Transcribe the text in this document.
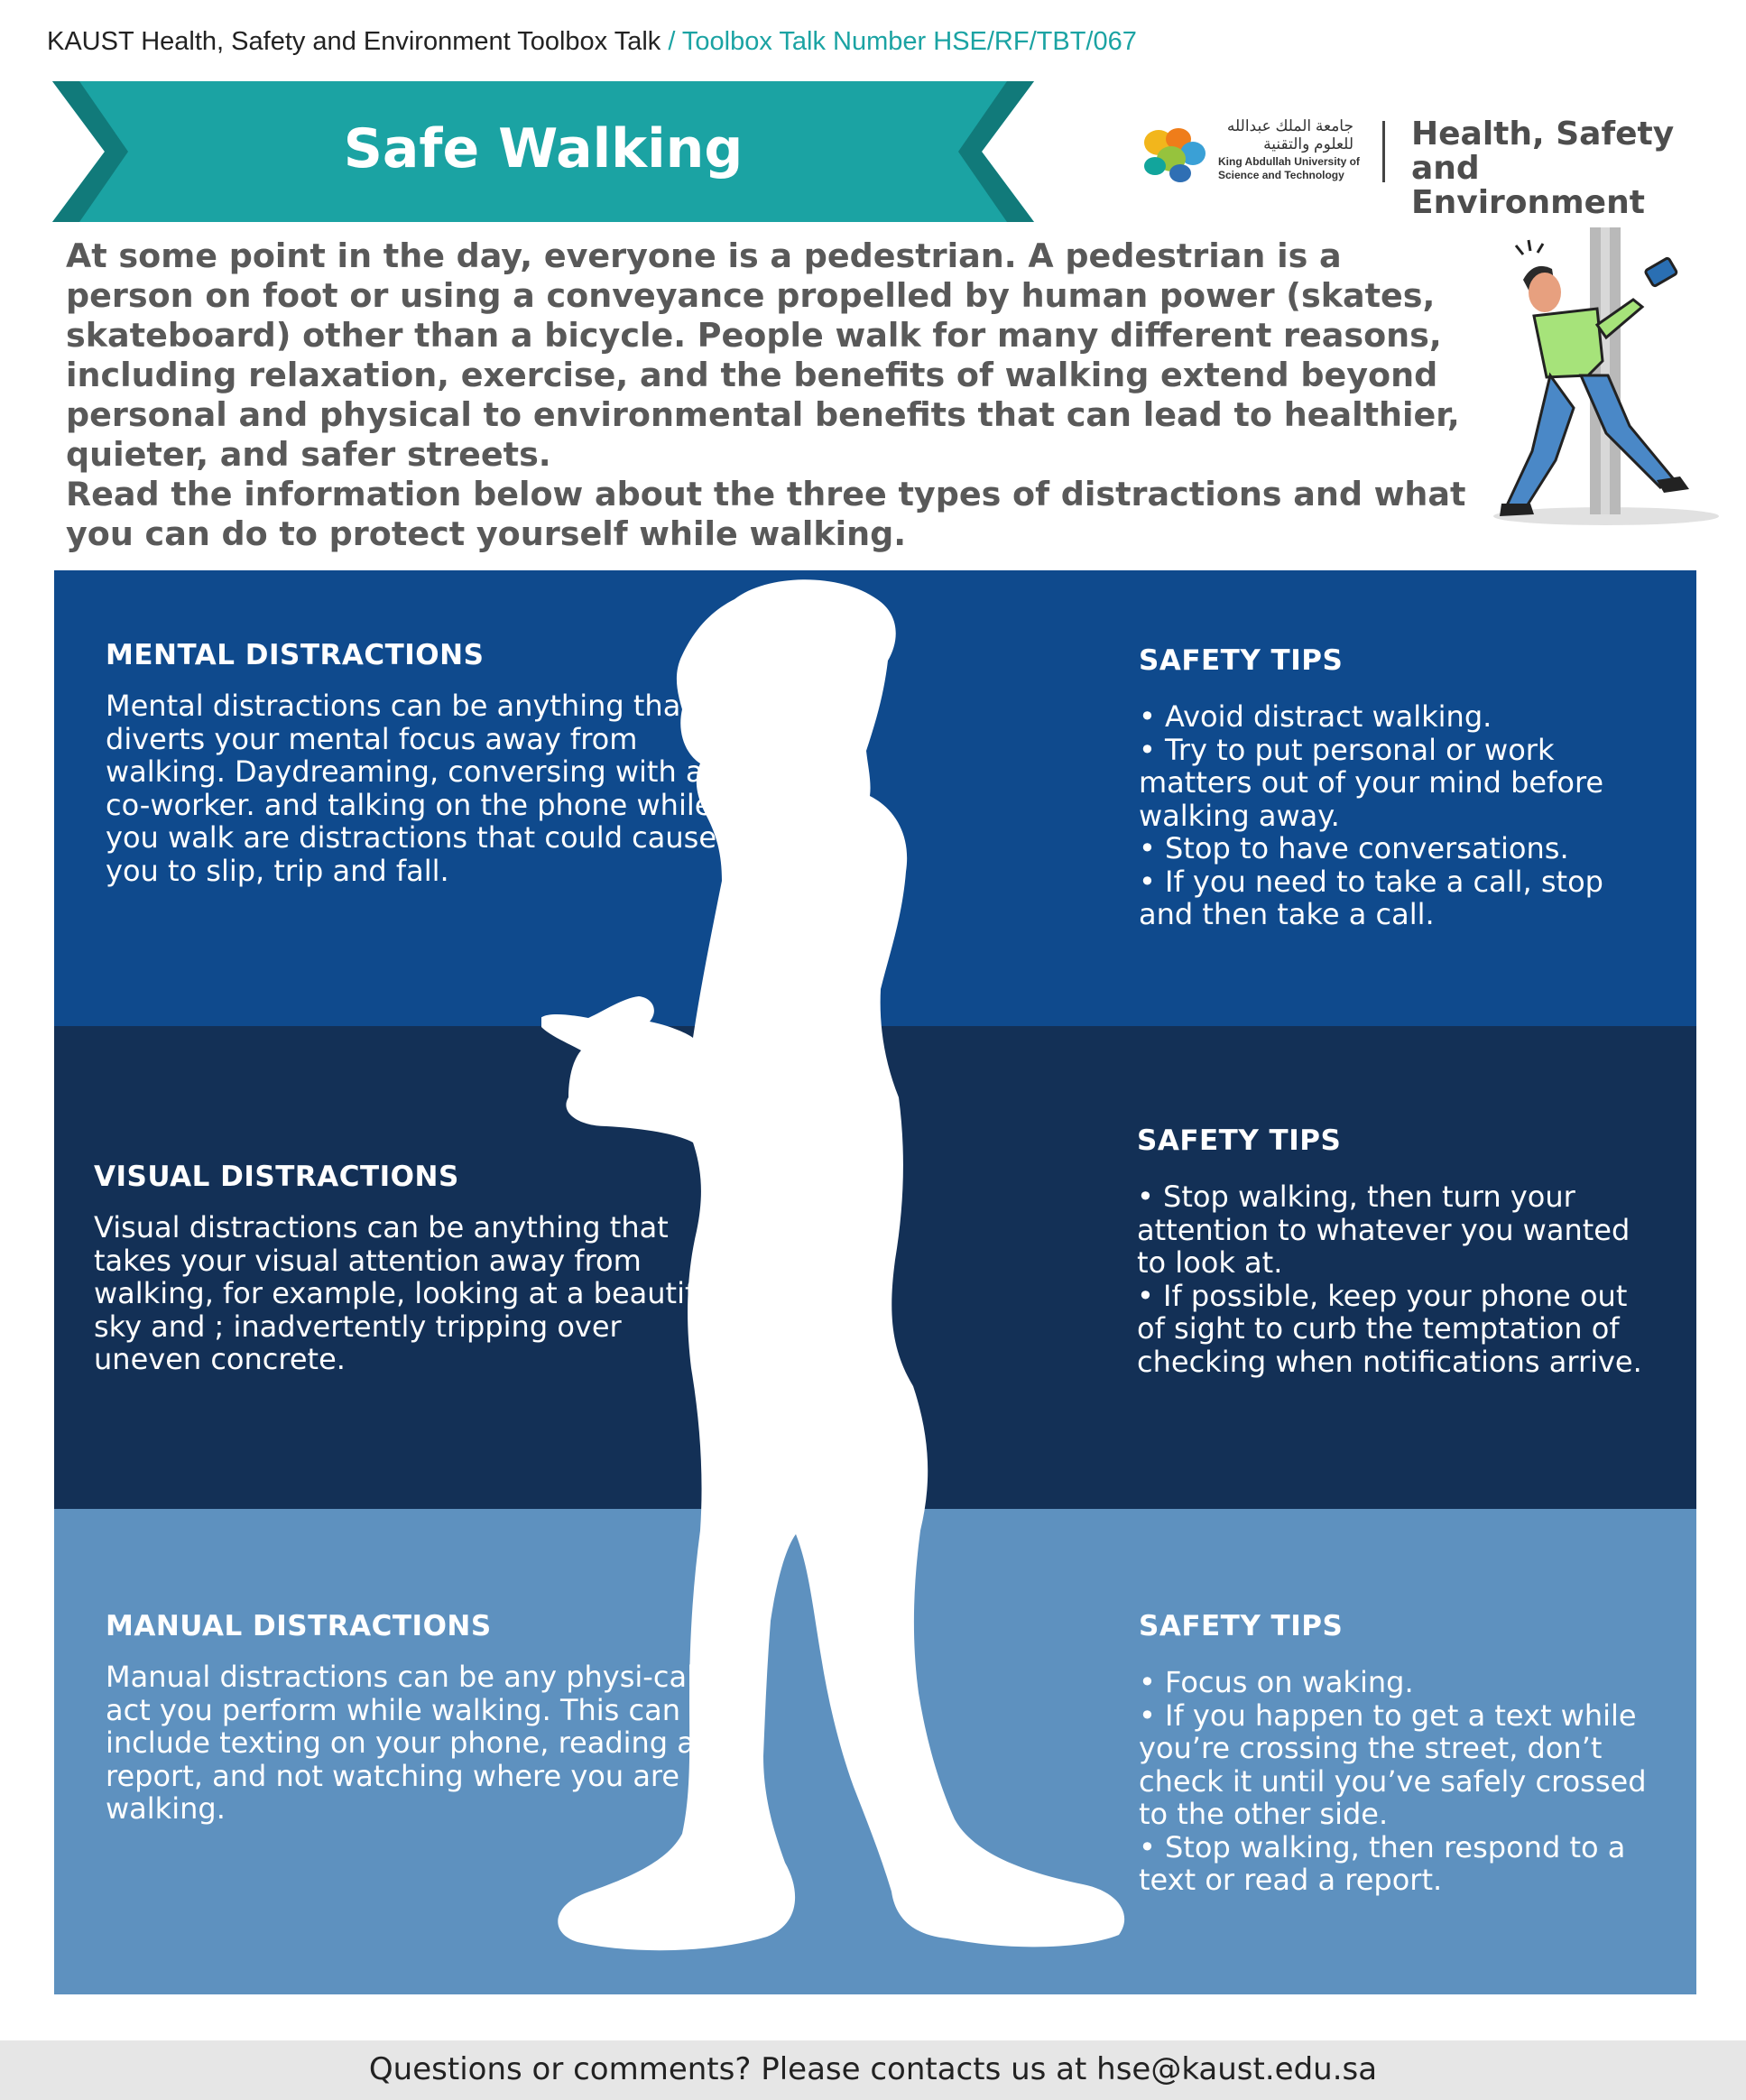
KAUST Health, Safety and Environment Toolbox Talk / Toolbox Talk Number HSE/RF/TBT/067
Safe Walking	جامعة الملك عبدالله
للعلوم والتقنية
King Abdullah University of
Science and Technology
Health, Safety
and Environment

At some point in the day, everyone is a pedestrian. A pedestrian is a person on foot or using a conveyance propelled by human power (skates, skateboard) other than a bicycle. People walk for many different reasons, including relaxation, exercise, and the benefits of walking extend beyond personal and physical to environmental benefits that can lead to healthier, quieter, and safer streets.

Read the information below about the three types of distractions and what you can do to protect yourself while walking.

MENTAL DISTRACTIONS
Mental distractions can be anything that diverts your mental focus away from walking. Daydreaming, conversing with a co-worker. and talking on the phone while you walk are distractions that could cause you to slip, trip and fall.
SAFETY TIPS

• Avoid distract walking.

• Try to put personal or work matters out of your mind before walking away.

• Stop to have conversations.

• If you need to take a call, stop and then take a call.

VISUAL DISTRACTIONS
Visual distractions can be anything that takes your visual attention away from walking, for example, looking at a beautiful sky and ; inadvertently tripping over uneven concrete.
SAFETY TIPS

• Stop walking, then turn your attention to whatever you wanted to look at.

• If possible, keep your phone out of sight to curb the temptation of checking when notifications arrive.

MANUAL DISTRACTIONS
Manual distractions can be any physi-cal act you perform while walking. This can include texting on your phone, reading a report, and not watching where you are walking.
SAFETY TIPS

• Focus on waking.

• If you happen to get a text while you’re crossing the street, don’t check it until you’ve safely crossed to the other side.

• Stop walking, then respond to a text or read a report.

Questions or comments? Please contacts us at hse@kaust.edu.sa
